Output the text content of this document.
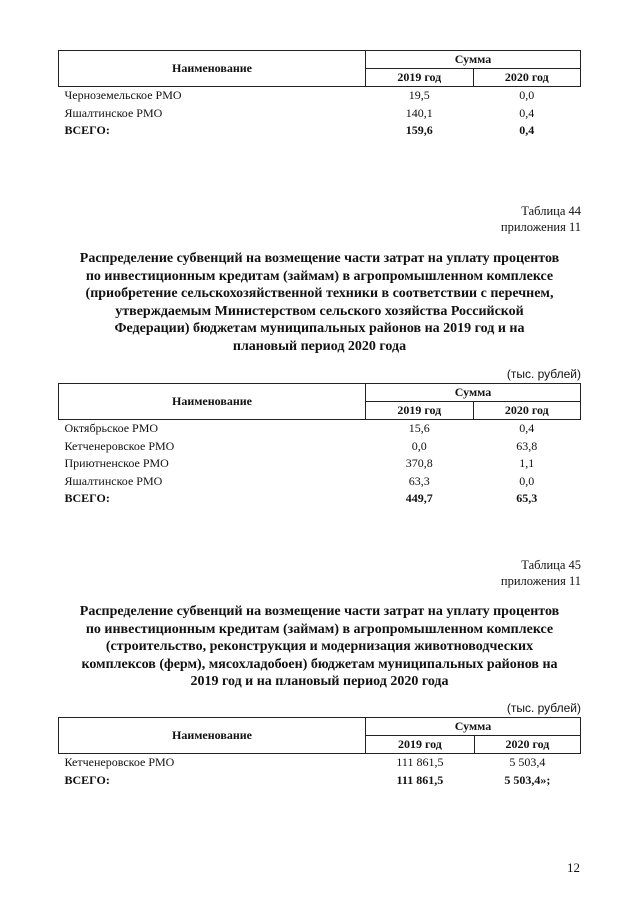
Наименование	Сумма	
	2019 год	2020 год
Черноземельское РМО	19,5	0,0
Яшалтинское РМО	140,1	0,4
ВСЕГО:	159,6	0,4
Таблица 44
приложения 11
Распределение субвенций на возмещение части затрат на уплату процентов
по инвестиционным кредитам (займам) в агропромышленном комплексе
(приобретение сельскохозяйственной техники в соответствии с перечнем,
утверждаемым Министерством сельского хозяйства Российской
Федерации) бюджетам муниципальных районов на 2019 год и на
плановый период 2020 года
(тыс. рублей)
Наименование	Сумма	
	2019 год	2020 год
Октябрьское РМО	15,6	0,4
Кетченеровское РМО	0,0	63,8
Приютненское РМО	370,8	1,1
Яшалтинское РМО	63,3	0,0
ВСЕГО:	449,7	65,3
Таблица 45
приложения 11
Распределение субвенций на возмещение части затрат на уплату процентов
по инвестиционным кредитам (займам) в агропромышленном комплексе
(строительство, реконструкция и модернизация животноводческих
комплексов (ферм), мясохладобоен) бюджетам муниципальных районов на
2019 год и на плановый период 2020 года
(тыс. рублей)
Наименование	Сумма	
	2019 год	2020 год
Кетченеровское РМО	111 861,5	5 503,4
ВСЕГО:	111 861,5	5 503,4»;
12
